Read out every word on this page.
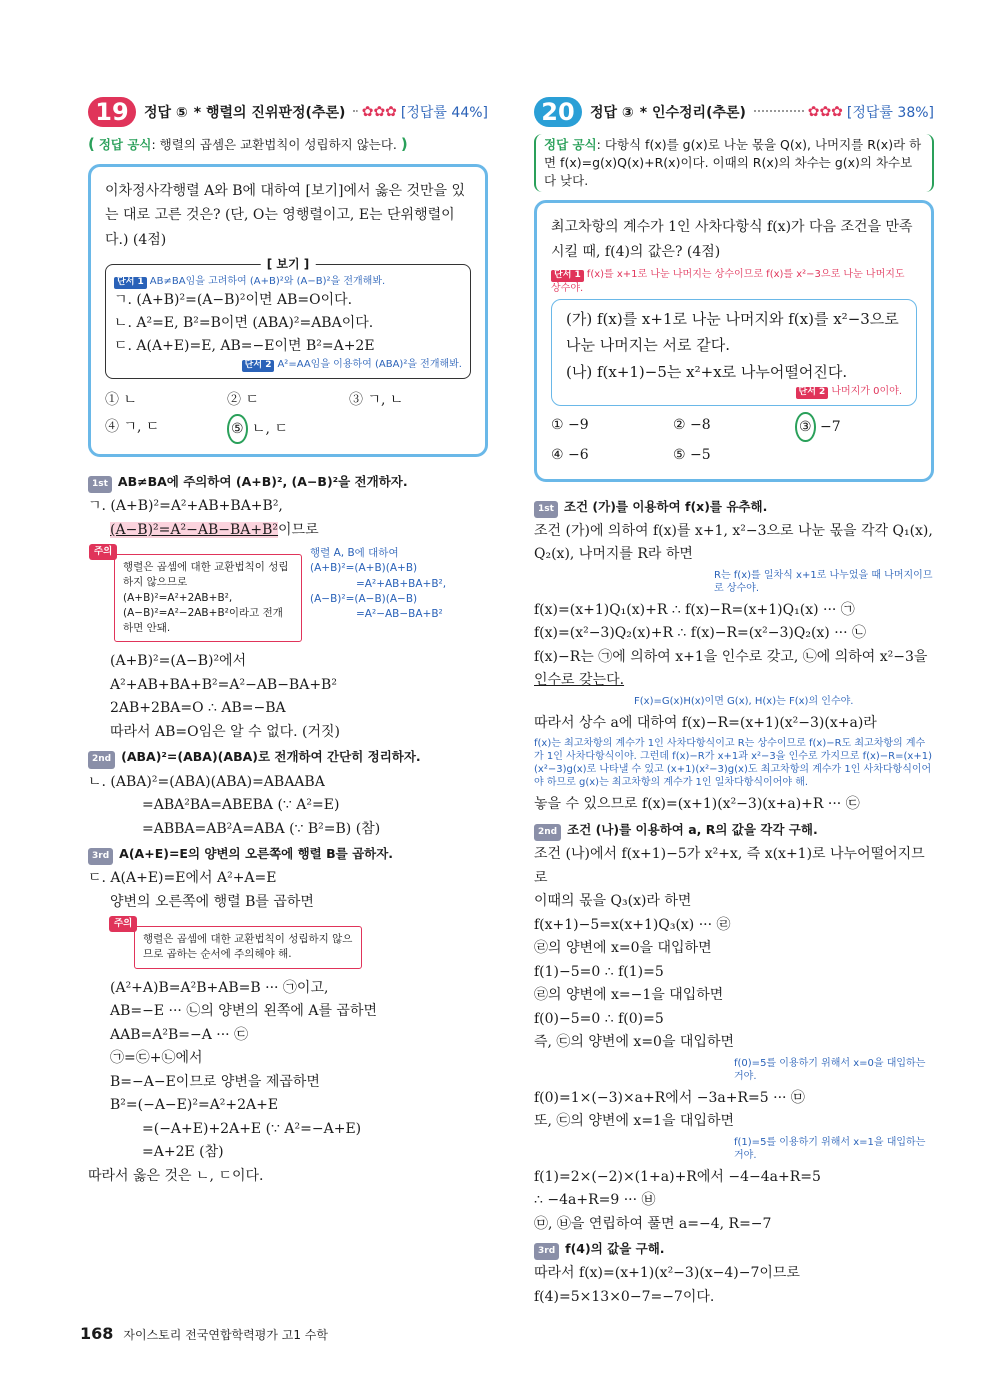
19	정답 ⑤ * 행렬의 진위판정(추론) ✿✿✿ [정답률 44%]
( 정답 공식: 행렬의 곱셈은 교환법칙이 성립하지 않는다. )
이차정사각행렬 A와 B에 대하여 [보기]에서 옳은 것만을 있는 대로 고른 것은? (단, O는 영행렬이고, E는 단위행렬이다.) (4점)
[ 보기 ]
단서 1 AB≠BA임을 고려하여 (A+B)²와 (A−B)²을 전개해봐.
ㄱ. (A+B)²=(A−B)²이면 AB=O이다.
ㄴ. A²=E, B²=B이면 (ABA)²=ABA이다.
ㄷ. A(A+E)=E, AB=−E이면 B²=A+2E
단서 2 A²=AA임을 이용하여 (ABA)²을 전개해봐.
① ㄴ	② ㄷ	③ ㄱ, ㄴ
④ ㄱ, ㄷ	⑤ ㄴ, ㄷ
1st AB≠BA에 주의하여 (A+B)², (A−B)²을 전개하자.
ㄱ. (A+B)²=A²+AB+BA+B²,
(A−B)²=A²−AB−BA+B²이므로
주의
행렬은 곱셈에 대한 교환법칙이 성립하지 않으므로 (A+B)²=A²+2AB+B², (A−B)²=A²−2AB+B²이라고 전개하면 안돼.
행렬 A, B에 대하여
(A+B)²=(A+B)(A+B)
=A²+AB+BA+B²,
(A−B)²=(A−B)(A−B)
=A²−AB−BA+B²
(A+B)²=(A−B)²에서
A²+AB+BA+B²=A²−AB−BA+B²
2AB+2BA=O ∴ AB=−BA
따라서 AB=O임은 알 수 없다. (거짓)
2nd (ABA)²=(ABA)(ABA)로 전개하여 간단히 정리하자.
ㄴ. (ABA)²=(ABA)(ABA)=ABAABA
=ABA²BA=ABEBA (∵ A²=E)
=ABBA=AB²A=ABA (∵ B²=B) (참)
3rd A(A+E)=E의 양변의 오른쪽에 행렬 B를 곱하자.
ㄷ. A(A+E)=E에서 A²+A=E
양변의 오른쪽에 행렬 B를 곱하면
주의
행렬은 곱셈에 대한 교환법칙이 성립하지 않으므로 곱하는 순서에 주의해야 해.
(A²+A)B=A²B+AB=B ··· ㉠이고,
AB=−E ··· ㉡의 양변의 왼쪽에 A를 곱하면
AAB=A²B=−A ··· ㉢
㉠=㉢+㉡에서
B=−A−E이므로 양변을 제곱하면
B²=(−A−E)²=A²+2A+E
=(−A+E)+2A+E (∵ A²=−A+E)
=A+2E (참)
따라서 옳은 것은 ㄴ, ㄷ이다.
20	정답 ③ * 인수정리(추론)	✿✿✿ [정답률 38%]
정답 공식: 다항식 f(x)를 g(x)로 나눈 몫을 Q(x), 나머지를 R(x)라 하면 f(x)=g(x)Q(x)+R(x)이다. 이때의 R(x)의 차수는 g(x)의 차수보다 낮다.
최고차항의 계수가 1인 사차다항식 f(x)가 다음 조건을 만족시킬 때, f(4)의 값은? (4점)
단서 1 f(x)를 x+1로 나눈 나머지는 상수이므로 f(x)를 x²−3으로 나눈 나머지도 상수야.
(가) f(x)를 x+1로 나눈 나머지와 f(x)를 x²−3으로 나눈 나머지는 서로 같다.
(나) f(x+1)−5는 x²+x로 나누어떨어진다.
단서 2 나머지가 0이야.
① −9	② −8	③ −7
④ −6	⑤ −5
1st 조건 (가)를 이용하여 f(x)를 유추해.
조건 (가)에 의하여 f(x)를 x+1, x²−3으로 나눈 몫을 각각 Q₁(x),
Q₂(x), 나머지를 R라 하면
R는 f(x)를 일차식 x+1로 나누었을 때 나머지이므로 상수야.
f(x)=(x+1)Q₁(x)+R ∴ f(x)−R=(x+1)Q₁(x) ··· ㉠
f(x)=(x²−3)Q₂(x)+R ∴ f(x)−R=(x²−3)Q₂(x) ··· ㉡
f(x)−R는 ㉠에 의하여 x+1을 인수로 갖고, ㉡에 의하여 x²−3을
인수로 갖는다.
F(x)=G(x)H(x)이면 G(x), H(x)는 F(x)의 인수야.
따라서 상수 a에 대하여 f(x)−R=(x+1)(x²−3)(x+a)라
f(x)는 최고차항의 계수가 1인 사차다항식이고 R는 상수이므로 f(x)−R도 최고차항의 계수가 1인 사차다항식이야. 그런데 f(x)−R가 x+1과 x²−3을 인수로 가지므로 f(x)−R=(x+1)(x²−3)g(x)로 나타낼 수 있고 (x+1)(x²−3)g(x)도 최고차항의 계수가 1인 사차다항식이어야 하므로 g(x)는 최고차항의 계수가 1인 일차다항식이어야 해.
놓을 수 있으므로 f(x)=(x+1)(x²−3)(x+a)+R ··· ㉢
2nd 조건 (나)를 이용하여 a, R의 값을 각각 구해.
조건 (나)에서 f(x+1)−5가 x²+x, 즉 x(x+1)로 나누어떨어지므로
이때의 몫을 Q₃(x)라 하면
f(x+1)−5=x(x+1)Q₃(x) ··· ㉣
㉣의 양변에 x=0을 대입하면
f(1)−5=0 ∴ f(1)=5
㉣의 양변에 x=−1을 대입하면
f(0)−5=0 ∴ f(0)=5
즉, ㉢의 양변에 x=0을 대입하면
f(0)=5를 이용하기 위해서 x=0을 대입하는 거야.
f(0)=1×(−3)×a+R에서 −3a+R=5 ··· ㉤
또, ㉢의 양변에 x=1을 대입하면
f(1)=5를 이용하기 위해서 x=1을 대입하는 거야.
f(1)=2×(−2)×(1+a)+R에서 −4−4a+R=5
∴ −4a+R=9 ··· ㉥
㉤, ㉥을 연립하여 풀면 a=−4, R=−7
3rd f(4)의 값을 구해.
따라서 f(x)=(x+1)(x²−3)(x−4)−7이므로
f(4)=5×13×0−7=−7이다.
168 자이스토리 전국연합학력평가 고1 수학
